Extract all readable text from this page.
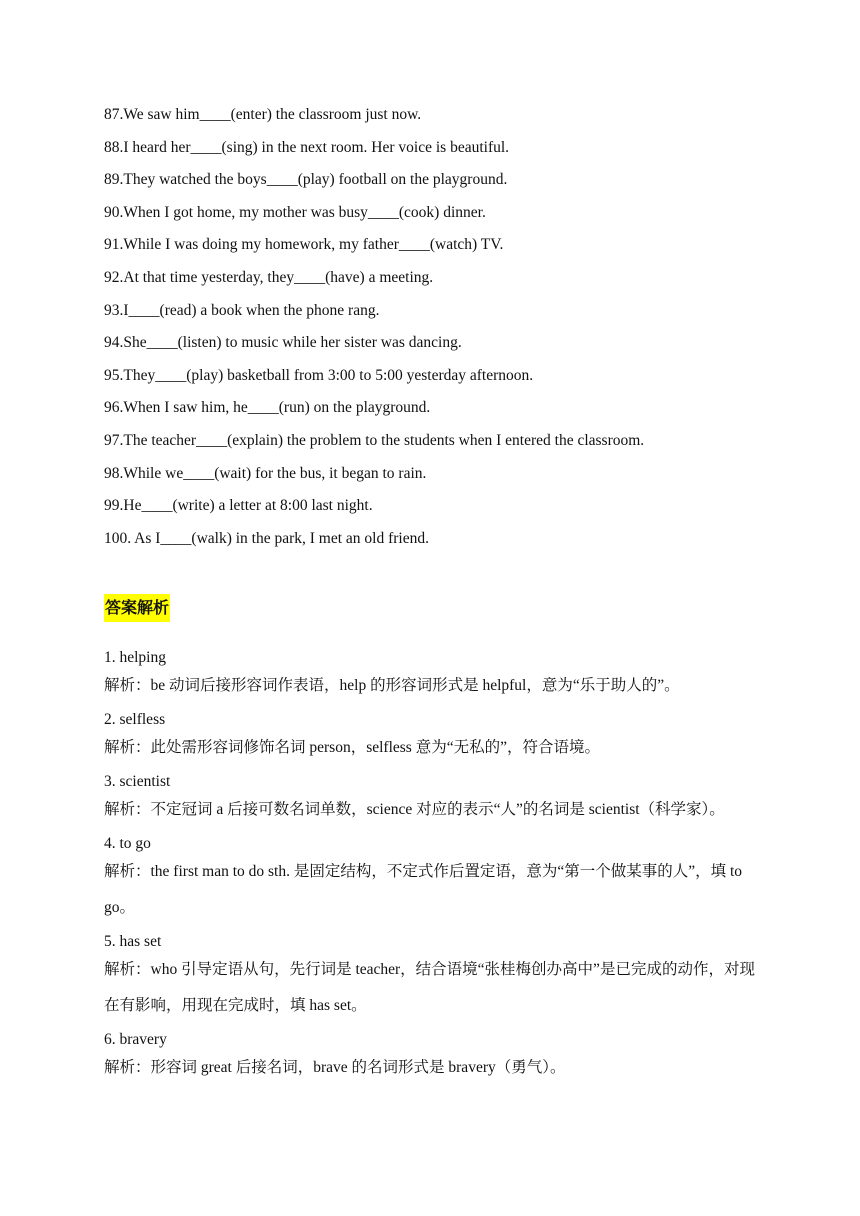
87.We saw him____(enter) the classroom just now.
88.I heard her____(sing) in the next room. Her voice is beautiful.
89.They watched the boys____(play) football on the playground.
90.When I got home, my mother was busy____(cook) dinner.
91.While I was doing my homework, my father____(watch) TV.
92.At that time yesterday, they____(have) a meeting.
93.I____(read) a book when the phone rang.
94.She____(listen) to music while her sister was dancing.
95.They____(play) basketball from 3:00 to 5:00 yesterday afternoon.
96.When I saw him, he____(run) on the playground.
97.The teacher____(explain) the problem to the students when I entered the classroom.
98.While we____(wait) for the bus, it began to rain.
99.He____(write) a letter at 8:00 last night.
100. As I____(walk) in the park, I met an old friend.
答案解析
1. helping
解析：be 动词后接形容词作表语，help 的形容词形式是 helpful，意为“乐于助人的”。
2. selfless
解析：此处需形容词修饰名词 person，selfless 意为“无私的”，符合语境。
3. scientist
解析：不定冠词 a 后接可数名词单数，science 对应的表示“人”的名词是 scientist（科学家）。
4. to go
解析：the first man to do sth. 是固定结构，不定式作后置定语，意为“第一个做某事的人”，填 to go。
5. has set
解析：who 引导定语从句，先行词是 teacher，结合语境“张桂梅创办高中”是已完成的动作，对现在有影响，用现在完成时，填 has set。
6. bravery
解析：形容词 great 后接名词，brave 的名词形式是 bravery（勇气）。
